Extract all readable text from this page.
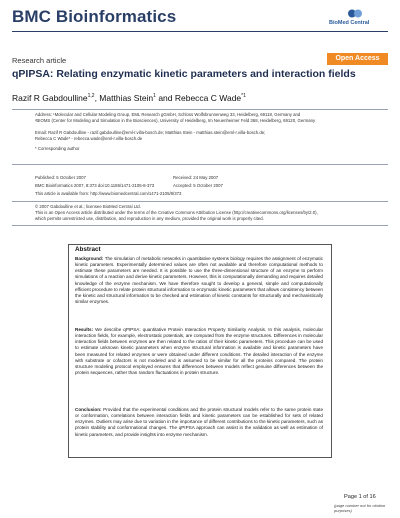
BMC Bioinformatics	BioMed Central
Research article	Open Access
qPIPSA: Relating enzymatic kinetic parameters and interaction fields
Razif R Gabdoulline$^{1,2}$, Matthias Stein$^1$ and Rebecca C Wade$^{*1}$
Address: ¹Molecular and Cellular Modeling Group, EML Research gGmbH, Schloss Wolfsbrunnenweg 33, Heidelberg, 69118, Germany and
²BIOMS (Center for Modeling and Simulation in the Biosciences), University of Heidelberg, Im Neuenheimer Feld 368, Heidelberg, 69120, Germany
Email: Razif R Gabdoulline - razif.gabdoulline@eml-r.villa-bosch.de; Matthias Stein - matthias.stein@eml-r.villa-bosch.de;
Rebecca C Wade* - rebecca.wade@eml-r.villa-bosch.de
* Corresponding author
Published: 5 October 2007
BMC Bioinformatics 2007, 8:373 doi:10.1186/1471-2105-8-373
Received: 24 May 2007
Accepted: 5 October 2007
This article is available from: http://www.biomedcentral.com/1471-2105/8/373
© 2007 Gabdoulline et al.; licensee BioMed Central Ltd.
This is an Open Access article distributed under the terms of the Creative Commons Attribution License (http://creativecommons.org/licenses/by/2.0),
which permits unrestricted use, distribution, and reproduction in any medium, provided the original work is properly cited.
Abstract
Background: The simulation of metabolic networks in quantitative systems biology requires the assignment of enzymatic kinetic parameters. Experimentally determined values are often not available and therefore computational methods to estimate these parameters are needed. It is possible to use the three-dimensional structure of an enzyme to perform simulations of a reaction and derive kinetic parameters. However, this is computationally demanding and requires detailed knowledge of the enzyme mechanism. We have therefore sought to develop a general, simple and computationally efficient procedure to relate protein structural information to enzymatic kinetic parameters that allows consistency between the kinetic and structural information to be checked and estimation of kinetic constants for structurally and mechanistically similar enzymes.
Results: We describe qPIPSA: quantitative Protein Interaction Property Similarity Analysis. In this analysis, molecular interaction fields, for example, electrostatic potentials, are computed from the enzyme structures. Differences in molecular interaction fields between enzymes are then related to the ratios of their kinetic parameters. This procedure can be used to estimate unknown kinetic parameters when enzyme structural information is available and kinetic parameters have been measured for related enzymes or were obtained under different conditions. The detailed interaction of the enzyme with substrate or cofactors is not modeled and is assumed to be similar for all the proteins compared. The protein structure modeling protocol employed ensures that differences between models reflect genuine differences between the protein sequences, rather than random fluctuations in protein structure.
Conclusion: Provided that the experimental conditions and the protein structural models refer to the same protein state or conformation, correlations between interaction fields and kinetic parameters can be established for sets of related enzymes. Outliers may arise due to variation in the importance of different contributions to the kinetic parameters, such as protein stability and conformational changes. The qPIPSA approach can assist in the validation as well as estimation of kinetic parameters, and provide insights into enzyme mechanism.
Page 1 of 16
(page number not for citation purposes)
